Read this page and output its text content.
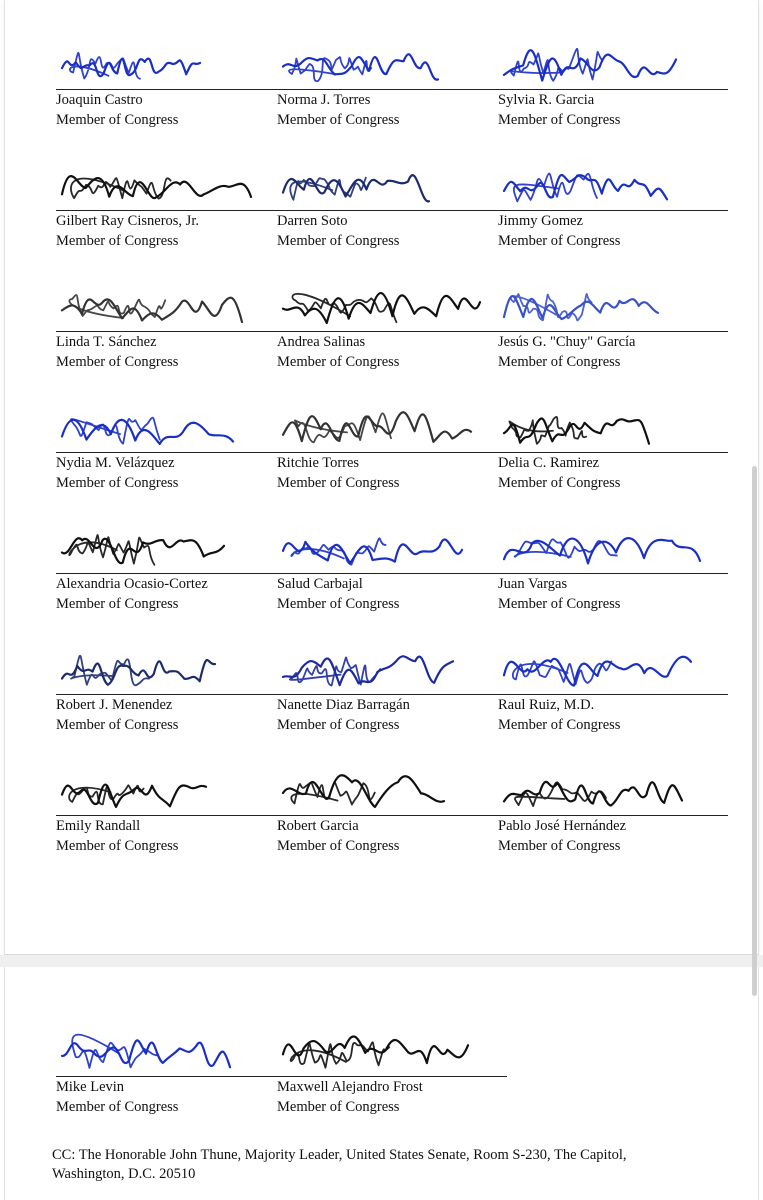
Joaquin Castro
Member of Congress
Norma J. Torres
Member of Congress
Sylvia R. Garcia
Member of Congress
Gilbert Ray Cisneros, Jr.
Member of Congress
Darren Soto
Member of Congress
Jimmy Gomez
Member of Congress
Linda T. Sánchez
Member of Congress
Andrea Salinas
Member of Congress
Jesús G. "Chuy" García
Member of Congress
Nydia M. Velázquez
Member of Congress
Ritchie Torres
Member of Congress
Delia C. Ramirez
Member of Congress
Alexandria Ocasio-Cortez
Member of Congress
Salud Carbajal
Member of Congress
Juan Vargas
Member of Congress
Robert J. Menendez
Member of Congress
Nanette Diaz Barragán
Member of Congress
Raul Ruiz, M.D.
Member of Congress
Emily Randall
Member of Congress
Robert Garcia
Member of Congress
Pablo José Hernández
Member of Congress
Mike Levin
Member of Congress
Maxwell Alejandro Frost
Member of Congress
CC: The Honorable John Thune, Majority Leader, United States Senate, Room S-230, The Capitol, Washington, D.C. 20510
